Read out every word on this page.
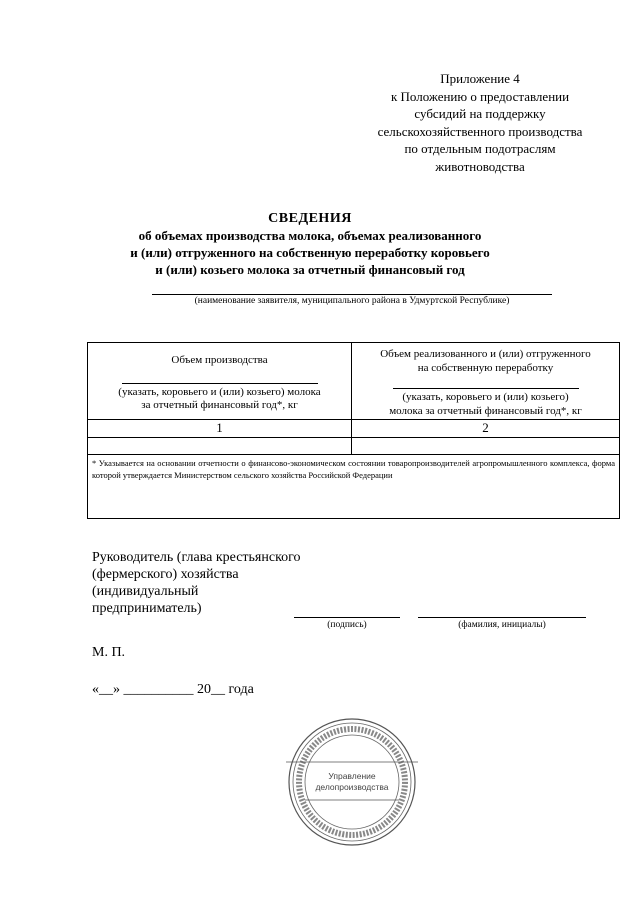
Приложение 4
к Положению о предоставлении
субсидий на поддержку
сельскохозяйственного производства
по отдельным подотраслям
животноводства
СВЕДЕНИЯ
об объемах производства молока, объемах реализованного
и (или) отгруженного на собственную переработку коровьего
и (или) козьего молока за отчетный финансовый год
(наименование заявителя, муниципального района в Удмуртской Республике)
Объем производства
(указать, коровьего и (или) козьего) молока
за отчетный финансовый год*, кг
Объем реализованного и (или) отгруженного
на собственную переработку
(указать, коровьего и (или) козьего)
молока за отчетный финансовый год*, кг
1	2
* Указывается на основании отчетности о финансово-экономическом состоянии товаропроизводителей агропромышленного комплекса, форма которой утверждается Министерством сельского хозяйства Российской Федерации
Руководитель (глава крестьянского
(фермерского) хозяйства
(индивидуальный
предприниматель)
(подпись)	(фамилия, инициалы)
М. П.
«__» __________ 20__ года
Управление
делопроизводства
